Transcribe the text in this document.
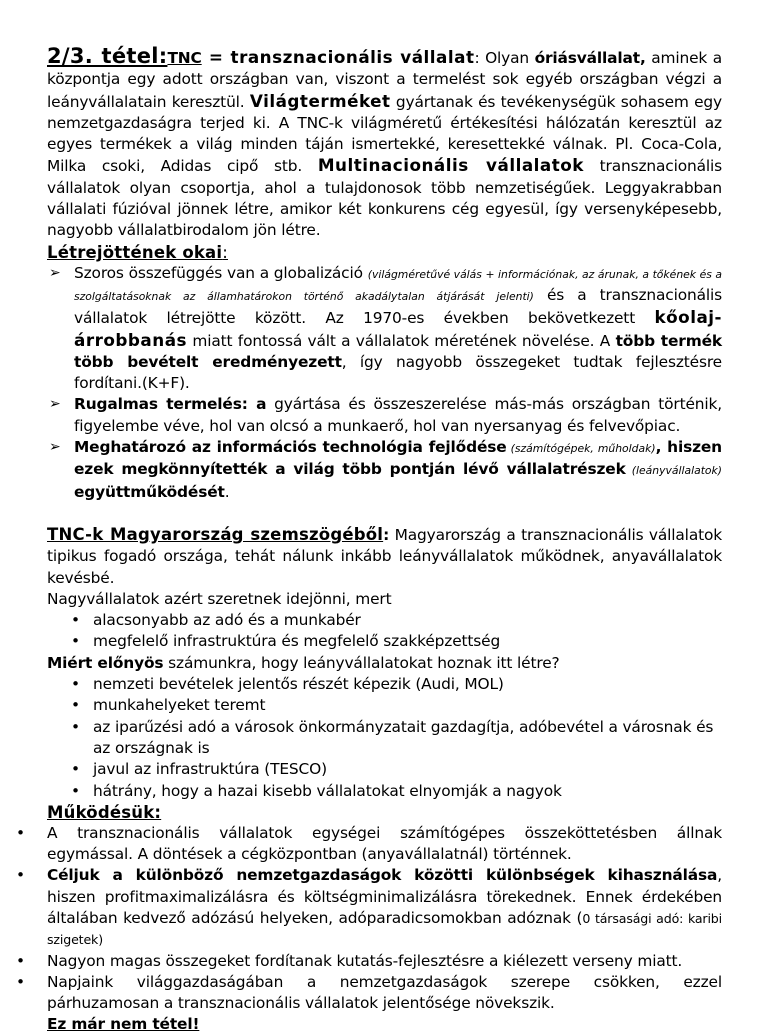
2/3. tétel:TNC = transznacionális vállalat: Olyan óriásvállalat, aminek a központja egy adott országban van, viszont a termelést sok egyéb országban végzi a leányvállalatain keresztül. Világterméket gyártanak és tevékenységük sohasem egy nemzetgazdaságra terjed ki. A TNC-k világméretű értékesítési hálózatán keresztül az egyes termékek a világ minden táján ismertekké, keresettekké válnak. Pl. Coca-Cola, Milka csoki, Adidas cipő stb. Multinacionális vállalatok transznacionális vállalatok olyan csoportja, ahol a tulajdonosok több nemzetiségűek. Leggyakrabban vállalati fúzióval jönnek létre, amikor két konkurens cég egyesül, így versenyképesebb, nagyobb vállalatbirodalom jön létre.

Létrejöttének okai:

➢ Szoros összefüggés van a globalizáció (világméretűvé válás + információnak, az árunak, a tőkének és a szolgáltatásoknak az államhatárokon történő akadálytalan átjárását jelenti) és a transznacionális vállalatok létrejötte között. Az 1970-es években bekövetkezett kőolaj-árrobbanás miatt fontossá vált a vállalatok méretének növelése. A több termék több bevételt eredményezett, így nagyobb összegeket tudtak fejlesztésre fordítani.(K+F).
➢ Rugalmas termelés: a gyártása és összeszerelése más-más országban történik, figyelembe véve, hol van olcsó a munkaerő, hol van nyersanyag és felvevőpiac.
➢ Meghatározó az információs technológia fejlődése (számítógépek, műholdak), hiszen ezek megkönnyítették a világ több pontján lévő vállalatrészek (leányvállalatok) együttműködését.

TNC-k Magyarország szemszögéből: Magyarország a transznacionális vállalatok tipikus fogadó országa, tehát nálunk inkább leányvállalatok működnek, anyavállalatok kevésbé.

Nagyvállalatok azért szeretnek idejönni, mert

• alacsonyabb az adó és a munkabér
• megfelelő infrastruktúra és megfelelő szakképzettség

Miért előnyös számunkra, hogy leányvállalatokat hoznak itt létre?

• nemzeti bevételek jelentős részét képezik (Audi, MOL)
• munkahelyeket teremt
• az iparűzési adó a városok önkormányzatait gazdagítja, adóbevétel a városnak és az országnak is
• javul az infrastruktúra (TESCO)
• hátrány, hogy a hazai kisebb vállalatokat elnyomják a nagyok

Működésük:

• A transznacionális vállalatok egységei számítógépes összeköttetésben állnak egymással. A döntések a cégközpontban (anyavállalatnál) történnek.
• Céljuk a különböző nemzetgazdaságok közötti különbségek kihasználása, hiszen profitmaximalizálásra és költségminimalizálásra törekednek. Ennek érdekében általában kedvező adózású helyeken, adóparadicsomokban adóznak (0 társasági adó: karibi szigetek)
• Nagyon magas összegeket fordítanak kutatás-fejlesztésre a kiélezett verseny miatt.
• Napjaink világgazdaságában a nemzetgazdaságok szerepe csökken, ezzel párhuzamosan a transznacionális vállalatok jelentősége növekszik.

Ez már nem tétel!
